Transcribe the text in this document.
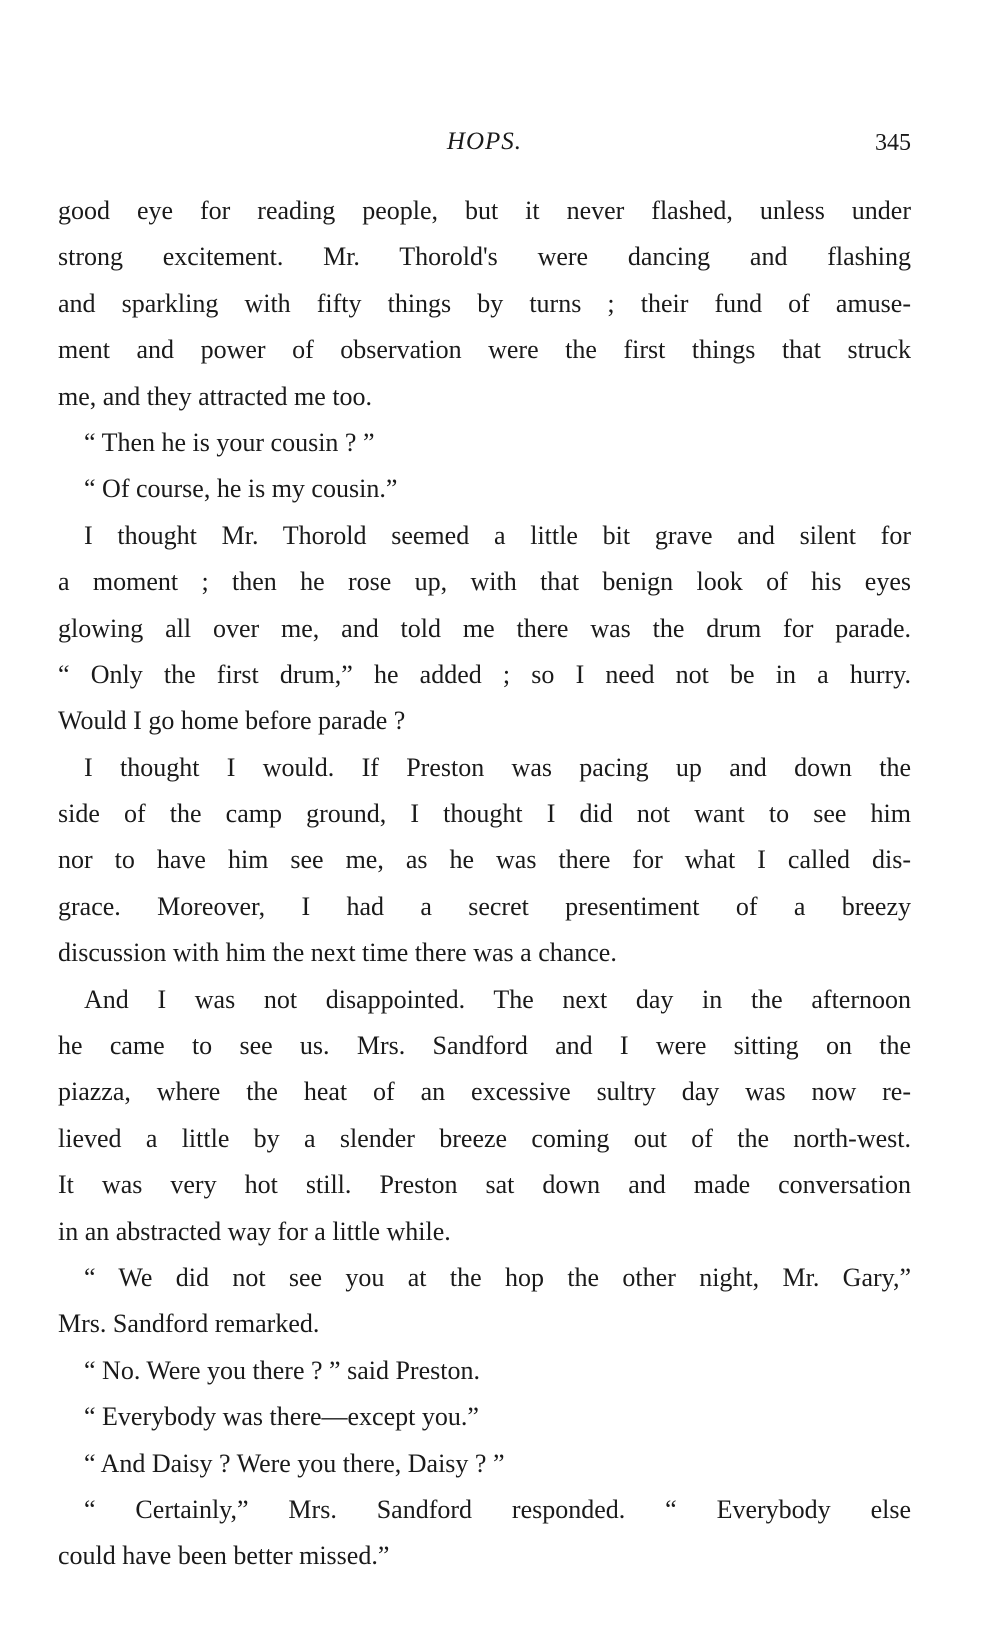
HOPS.	345
good eye for reading people, but it never flashed, unless under
strong excitement. Mr. Thorold's were dancing and flashing
and sparkling with fifty things by turns ; their fund of amuse-
ment and power of observation were the first things that struck
me, and they attracted me too.
“ Then he is your cousin ? ”
“ Of course, he is my cousin.”
I thought Mr. Thorold seemed a little bit grave and silent for
a moment ; then he rose up, with that benign look of his eyes
glowing all over me, and told me there was the drum for parade.
“ Only the first drum,” he added ; so I need not be in a hurry.
Would I go home before parade ?
I thought I would. If Preston was pacing up and down the
side of the camp ground, I thought I did not want to see him
nor to have him see me, as he was there for what I called dis-
grace. Moreover, I had a secret presentiment of a breezy
discussion with him the next time there was a chance.
And I was not disappointed. The next day in the afternoon
he came to see us. Mrs. Sandford and I were sitting on the
piazza, where the heat of an excessive sultry day was now re-
lieved a little by a slender breeze coming out of the north-west.
It was very hot still. Preston sat down and made conversation
in an abstracted way for a little while.
“ We did not see you at the hop the other night, Mr. Gary,”
Mrs. Sandford remarked.
“ No. Were you there ? ” said Preston.
“ Everybody was there—except you.”
“ And Daisy ? Were you there, Daisy ? ”
“ Certainly,” Mrs. Sandford responded. “ Everybody else
could have been better missed.”
